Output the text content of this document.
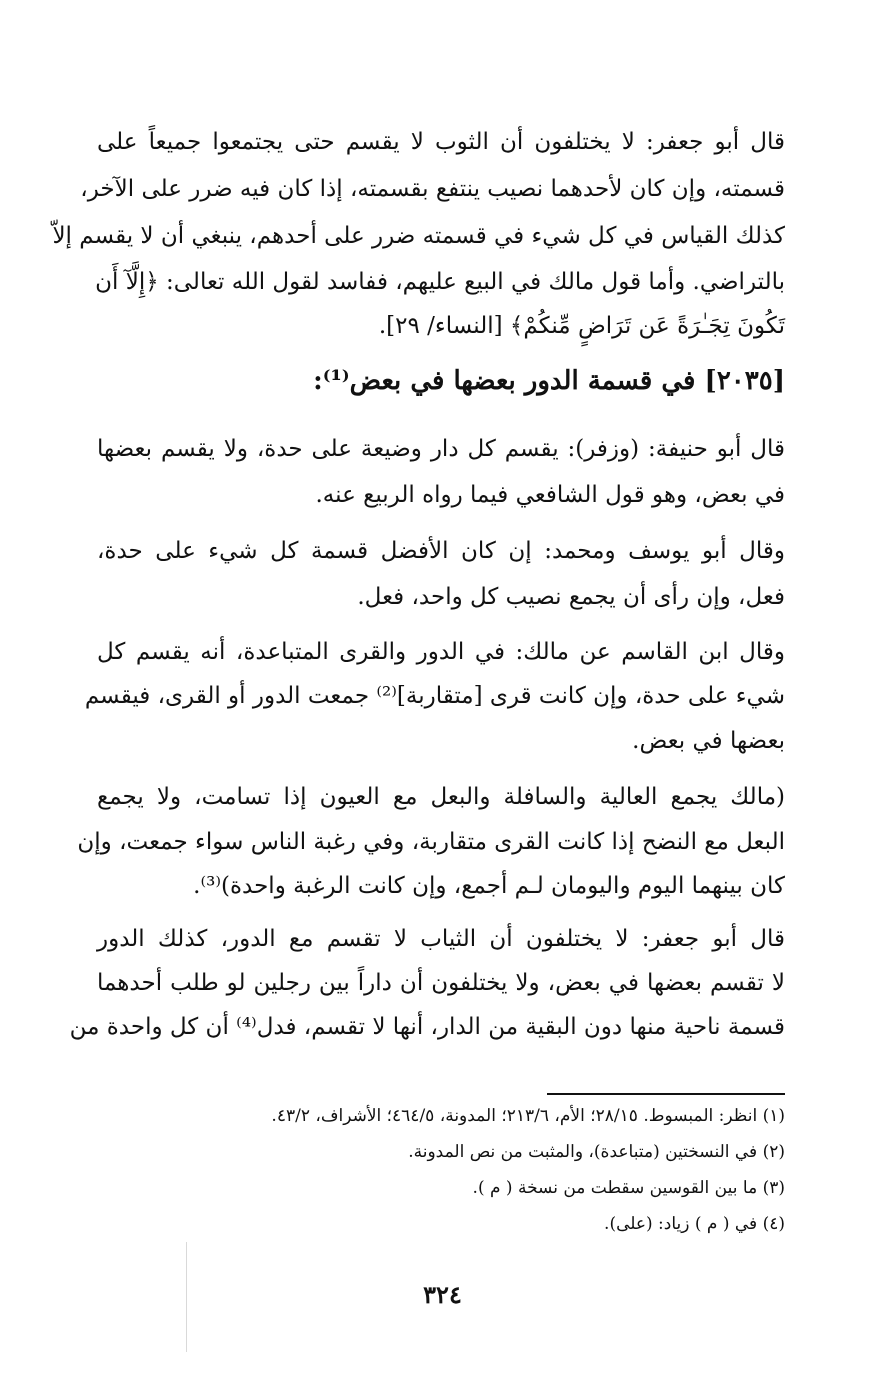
قال أبو جعفر: لا يختلفون أن الثوب لا يقسم حتى يجتمعوا جميعاً على
قسمته، وإن كان لأحدهما نصيب ينتفع بقسمته، إذا كان فيه ضرر على الآخر،
كذلك القياس في كل شيء في قسمته ضرر على أحدهم، ينبغي أن لا يقسم إلاّ
بالتراضي. وأما قول مالك في البيع عليهم، ففاسد لقول الله تعالى: ﴿إِلَّآ أَن
تَكُونَ تِجَـٰرَةً عَن تَرَاضٍ مِّنكُمْ﴾ [النساء/ ٢٩].
[٢٠٣٥] في قسمة الدور بعضها في بعض⁽¹⁾:
قال أبو حنيفة: (وزفر): يقسم كل دار وضيعة على حدة، ولا يقسم بعضها
في بعض، وهو قول الشافعي فيما رواه الربيع عنه.
وقال أبو يوسف ومحمد: إن كان الأفضل قسمة كل شيء على حدة،
فعل، وإن رأى أن يجمع نصيب كل واحد، فعل.
وقال ابن القاسم عن مالك: في الدور والقرى المتباعدة، أنه يقسم كل
شيء على حدة، وإن كانت قرى [متقاربة]⁽²⁾ جمعت الدور أو القرى، فيقسم
بعضها في بعض.
(مالك يجمع العالية والسافلة والبعل مع العيون إذا تسامت، ولا يجمع
البعل مع النضح إذا كانت القرى متقاربة، وفي رغبة الناس سواء جمعت، وإن
كان بينهما اليوم واليومان لـم أجمع، وإن كانت الرغبة واحدة)⁽³⁾.
قال أبو جعفر: لا يختلفون أن الثياب لا تقسم مع الدور، كذلك الدور
لا تقسم بعضها في بعض، ولا يختلفون أن داراً بين رجلين لو طلب أحدهما
قسمة ناحية منها دون البقية من الدار، أنها لا تقسم، فدل⁽⁴⁾ أن كل واحدة من
(١) انظر: المبسوط. ٢٨/١٥؛ الأم، ٢١٣/٦؛ المدونة، ٤٦٤/٥؛ الأشراف، ٤٣/٢.
(٢) في النسختين (متباعدة)، والمثبت من نص المدونة.
(٣) ما بين القوسين سقطت من نسخة ( م ).
(٤) في ( م ) زياد: (على).
٣٢٤
